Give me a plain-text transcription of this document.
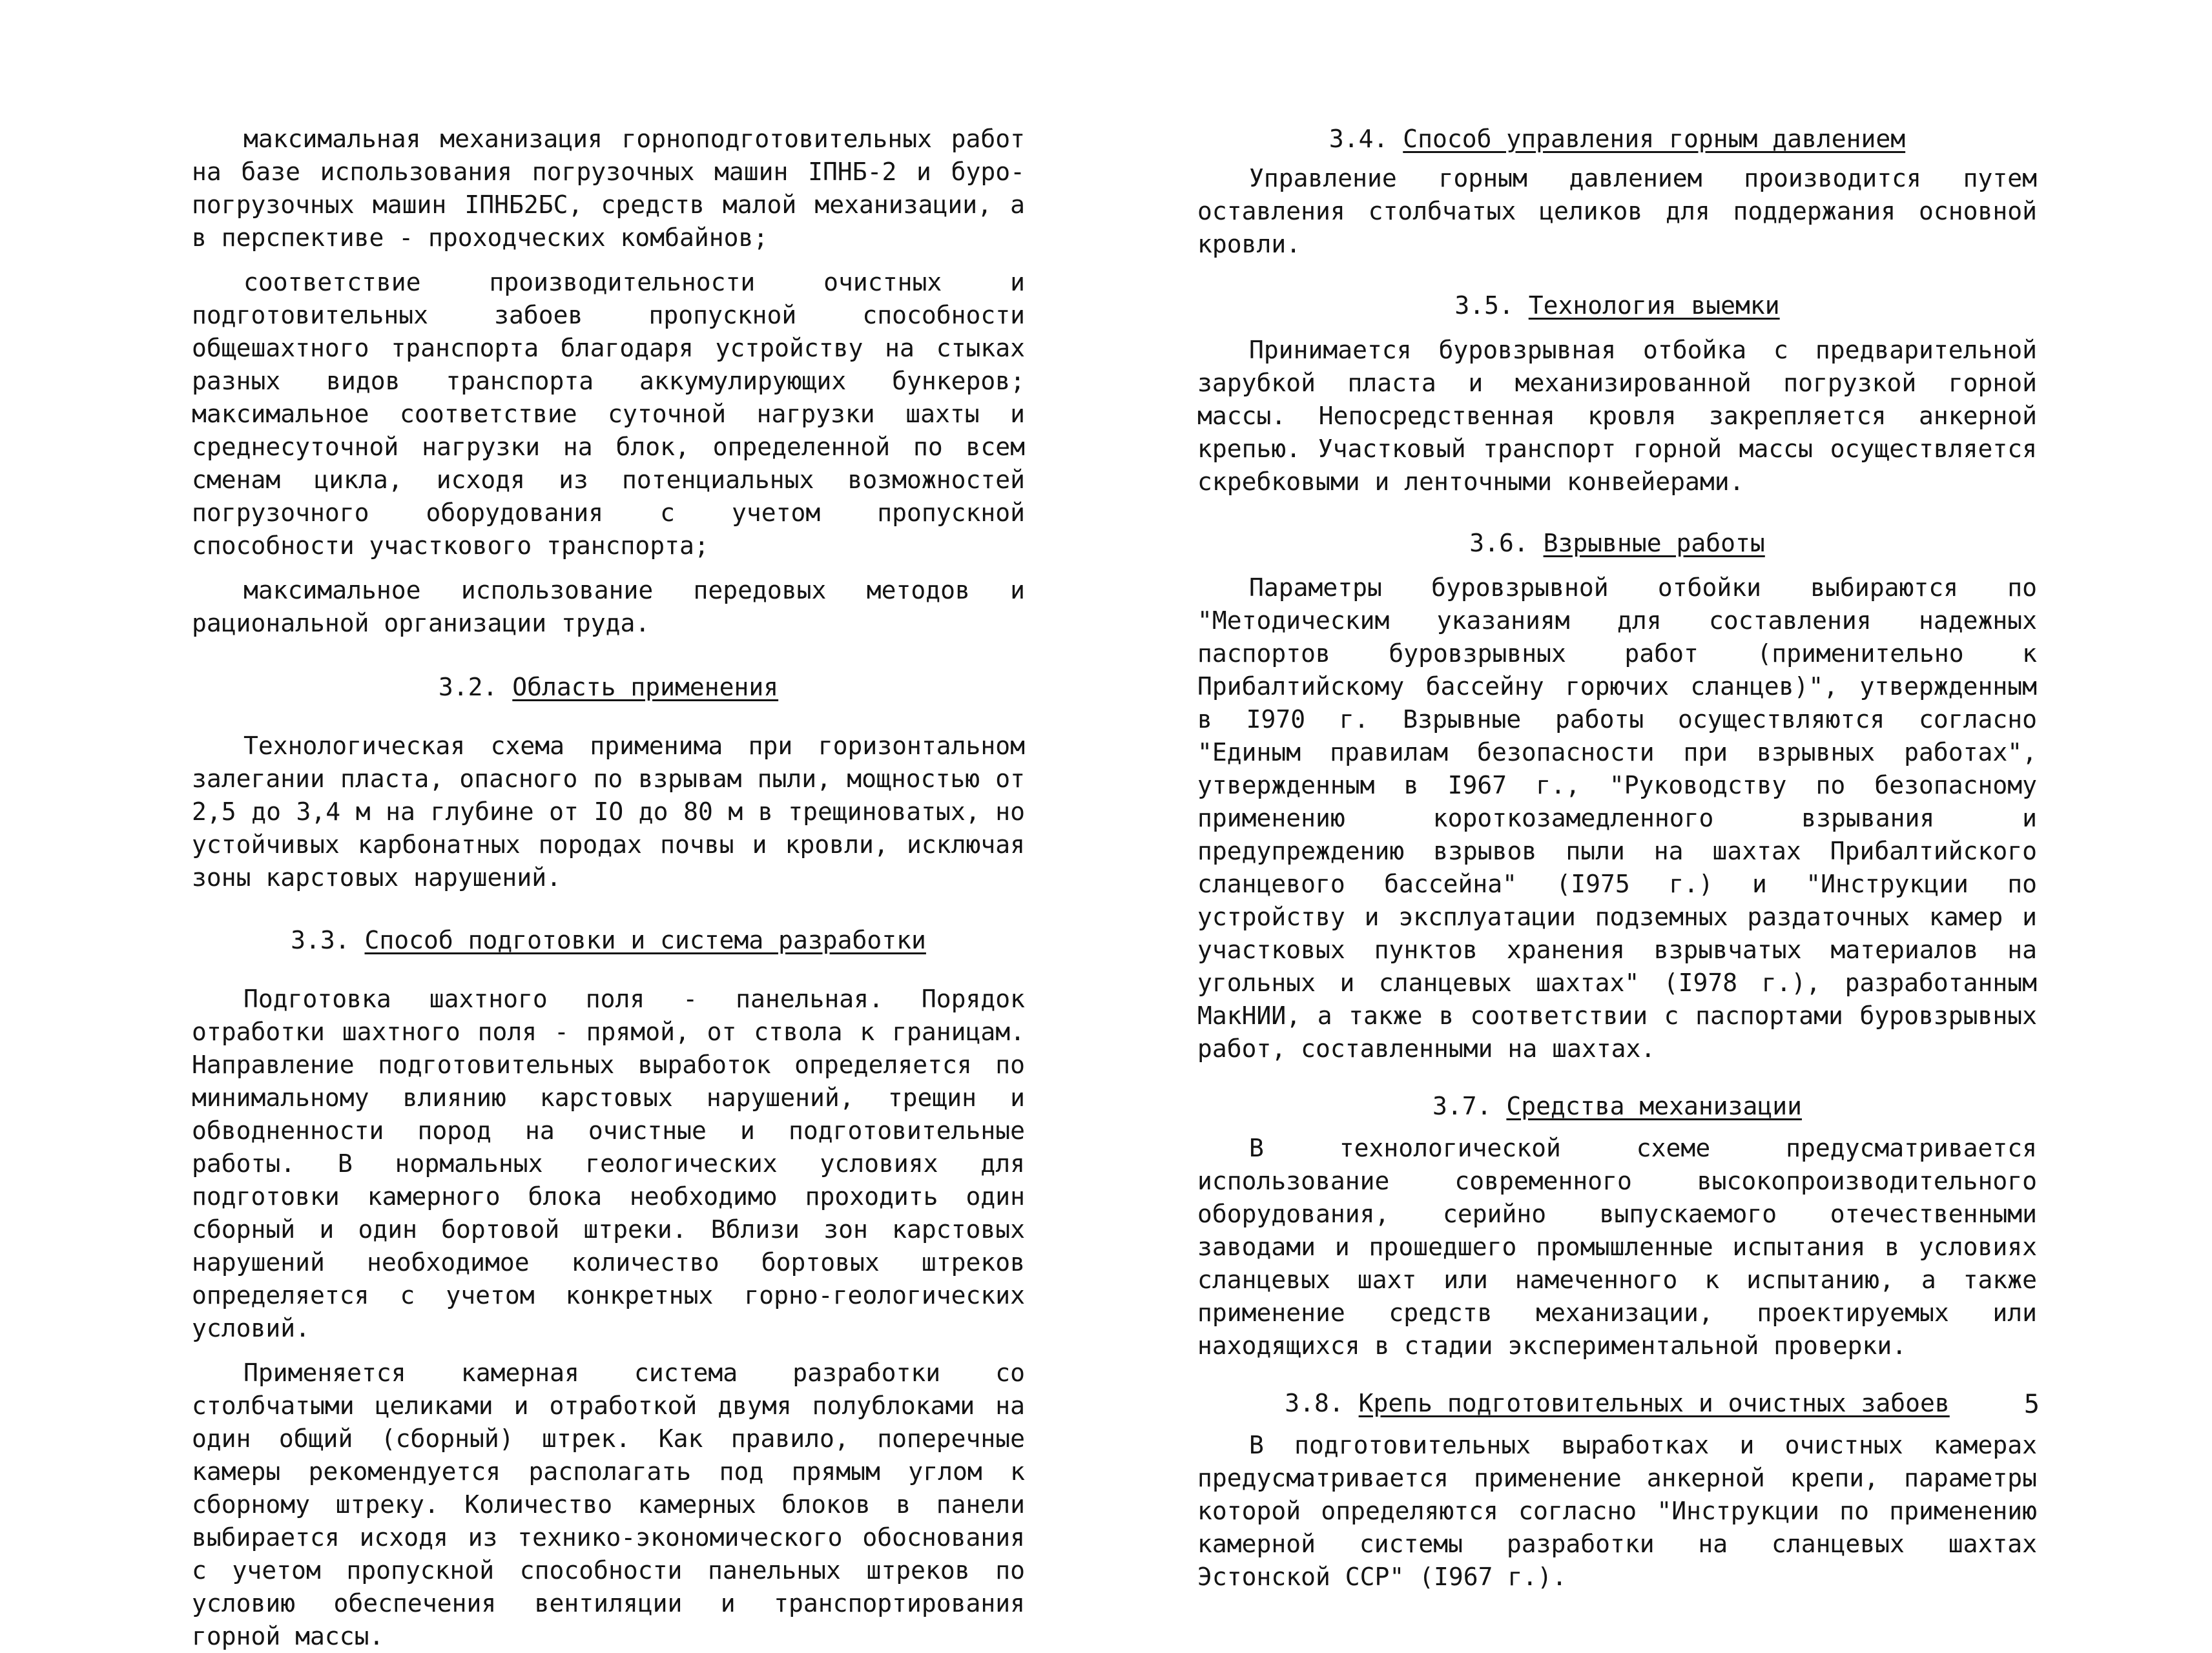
максимальная механизация горноподготовительных работ на базе использования погрузочных машин IПНБ-2 и буро-погрузочных машин IПНБ2БС, средств малой механизации, а в перспективе - проходческих комбайнов;

соответствие производительности очистных и подготовительных забоев пропускной способности общешахтного транспорта благодаря устройству на стыках разных видов транспорта аккумулирующих бункеров; максимальное соответствие суточной нагрузки шахты и среднесуточной нагрузки на блок, определенной по всем сменам цикла, исходя из потенциальных возможностей погрузочного оборудования с учетом пропускной способности участкового транспорта;

максимальное использование передовых методов и рациональной организации труда.

3.2. Область применения

Технологическая схема применима при горизонтальном залегании пласта, опасного по взрывам пыли, мощностью от 2,5 до 3,4 м на глубине от IO до 80 м в трещиноватых, но устойчивых карбонатных породах почвы и кровли, исключая зоны карстовых нарушений.

3.3. Способ подготовки и система разработки

Подготовка шахтного поля - панельная. Порядок отработки шахтного поля - прямой, от ствола к границам. Направление подготовительных выработок определяется по минимальному влиянию карстовых нарушений, трещин и обводненности пород на очистные и подготовительные работы. В нормальных геологических условиях для подготовки камерного блока необходимо проходить один сборный и один бортовой штреки. Вблизи зон карстовых нарушений необходимое количество бортовых штреков определяется с учетом конкретных горно-геологических условий.

Применяется камерная система разработки со столбчатыми целиками и отработкой двумя полублоками на один общий (сборный) штрек. Как правило, поперечные камеры рекомендуется располагать под прямым углом к сборному штреку. Количество камерных блоков в панели выбирается исходя из технико-экономического обоснования с учетом пропускной способности панельных штреков по условию обеспечения вентиляции и транспортирования горной массы.

3.4. Способ управления горным давлением

Управление горным давлением производится путем оставления столбчатых целиков для поддержания основной кровли.

3.5. Технология выемки

Принимается буровзрывная отбойка с предварительной зарубкой пласта и механизированной погрузкой горной массы. Непосредственная кровля закрепляется анкерной крепью. Участковый транспорт горной массы осуществляется скребковыми и ленточными конвейерами.

3.6. Взрывные работы

Параметры буровзрывной отбойки выбираются по "Методическим указаниям для составления надежных паспортов буровзрывных работ (применительно к Прибалтийскому бассейну горючих сланцев)", утвержденным в I970 г. Взрывные работы осуществляются согласно "Единым правилам безопасности при взрывных работах", утвержденным в I967 г., "Руководству по безопасному применению короткозамедленного взрывания и предупреждению взрывов пыли на шахтах Прибалтийского сланцевого бассейна" (I975 г.) и "Инструкции по устройству и эксплуатации подземных раздаточных камер и участковых пунктов хранения взрывчатых материалов на угольных и сланцевых шахтах" (I978 г.), разработанным МакНИИ, а также в соответствии с паспортами буровзрывных работ, составленными на шахтах.

3.7. Средства механизации

В технологической схеме предусматривается использование современного высокопроизводительного оборудования, серийно выпускаемого отечественными заводами и прошедшего промышленные испытания в условиях сланцевых шахт или намеченного к испытанию, а также применение средств механизации, проектируемых или находящихся в стадии экспериментальной проверки.

3.8. Крепь подготовительных и очистных забоев

В подготовительных выработках и очистных камерах предусматривается применение анкерной крепи, параметры которой определяются согласно "Инструкции по применению камерной системы разработки на сланцевых шахтах Эстонской ССР" (I967 г.).

5
